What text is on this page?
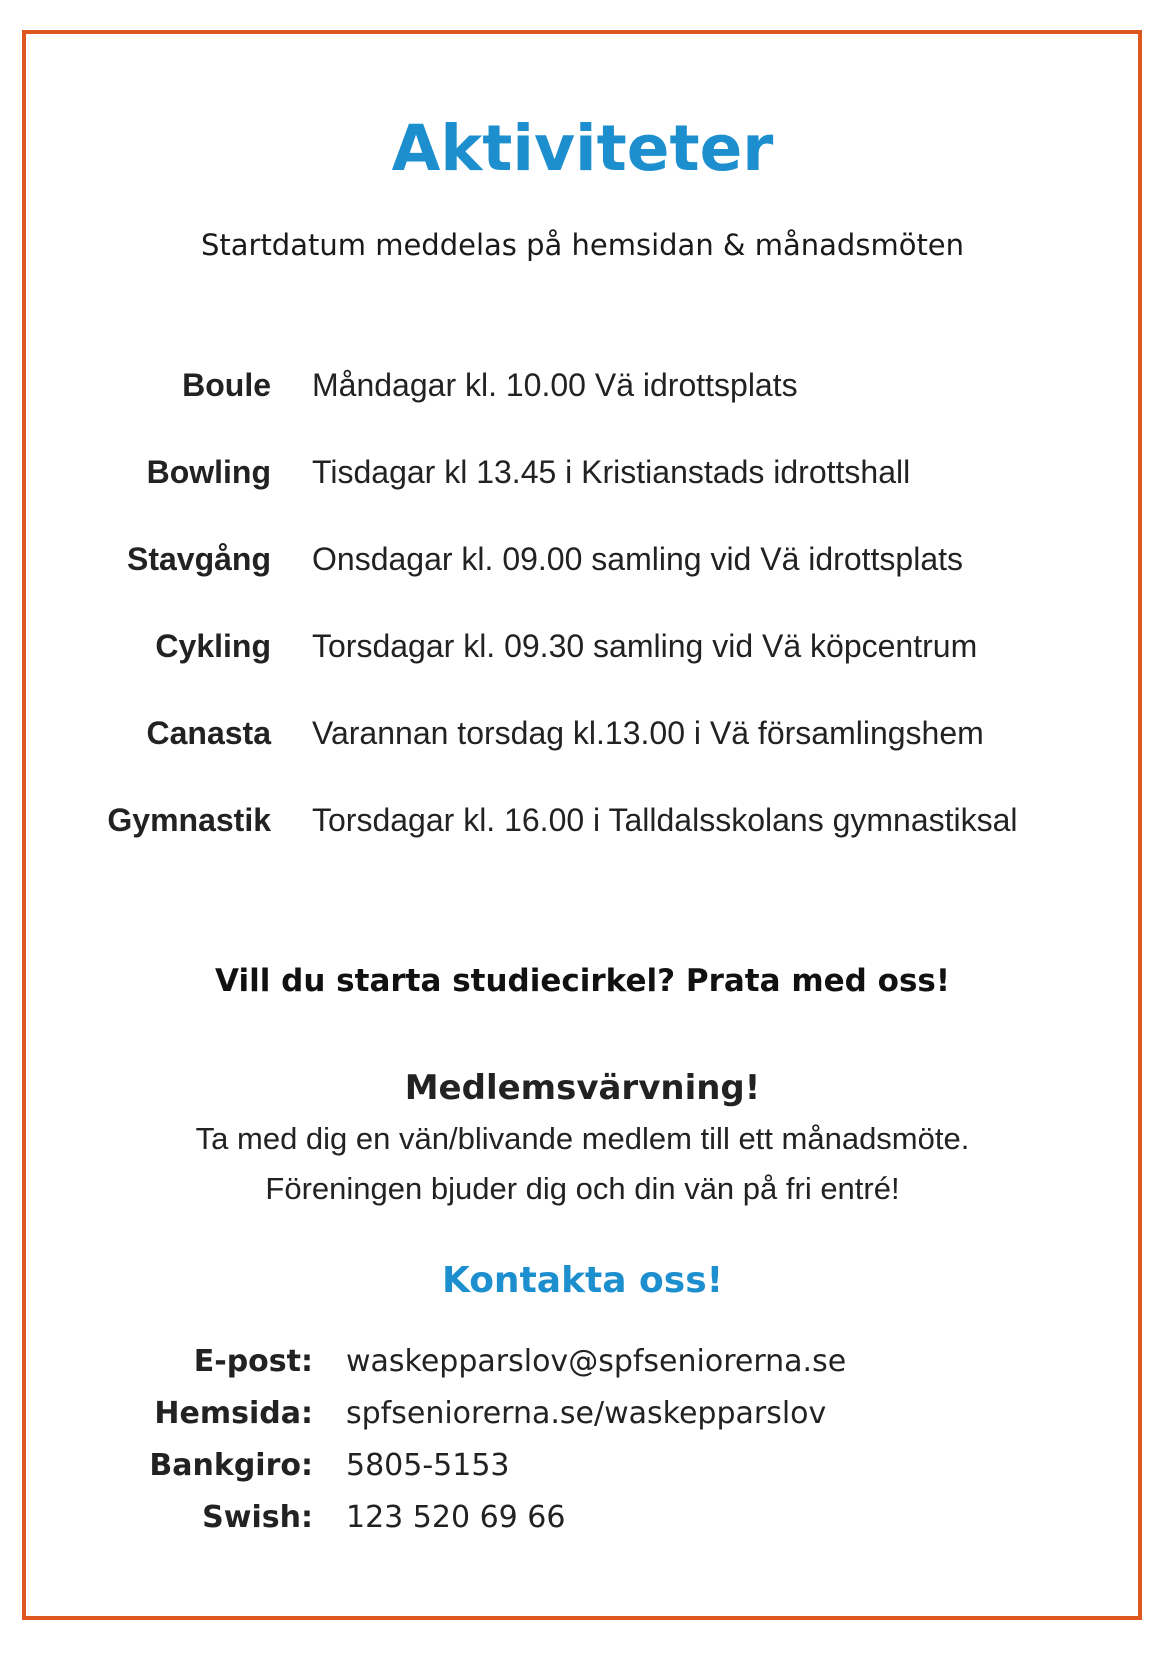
Aktiviteter
Startdatum meddelas på hemsidan & månadsmöten
Boule Måndagar kl. 10.00 Vä idrottsplats
Bowling Tisdagar kl 13.45 i Kristianstads idrottshall
Stavgång Onsdagar kl. 09.00 samling vid Vä idrottsplats
Cykling Torsdagar kl. 09.30 samling vid Vä köpcentrum
Canasta Varannan torsdag kl.13.00 i Vä församlingshem
Gymnastik Torsdagar kl. 16.00 i Talldalsskolans gymnastiksal
Vill du starta studiecirkel? Prata med oss!
Medlemsvärvning!
Ta med dig en vän/blivande medlem till ett månadsmöte.
Föreningen bjuder dig och din vän på fri entré!
Kontakta oss!
E-post: waskepparslov@spfseniorerna.se
Hemsida: spfseniorerna.se/waskepparslov
Bankgiro: 5805-5153
Swish: 123 520 69 66
